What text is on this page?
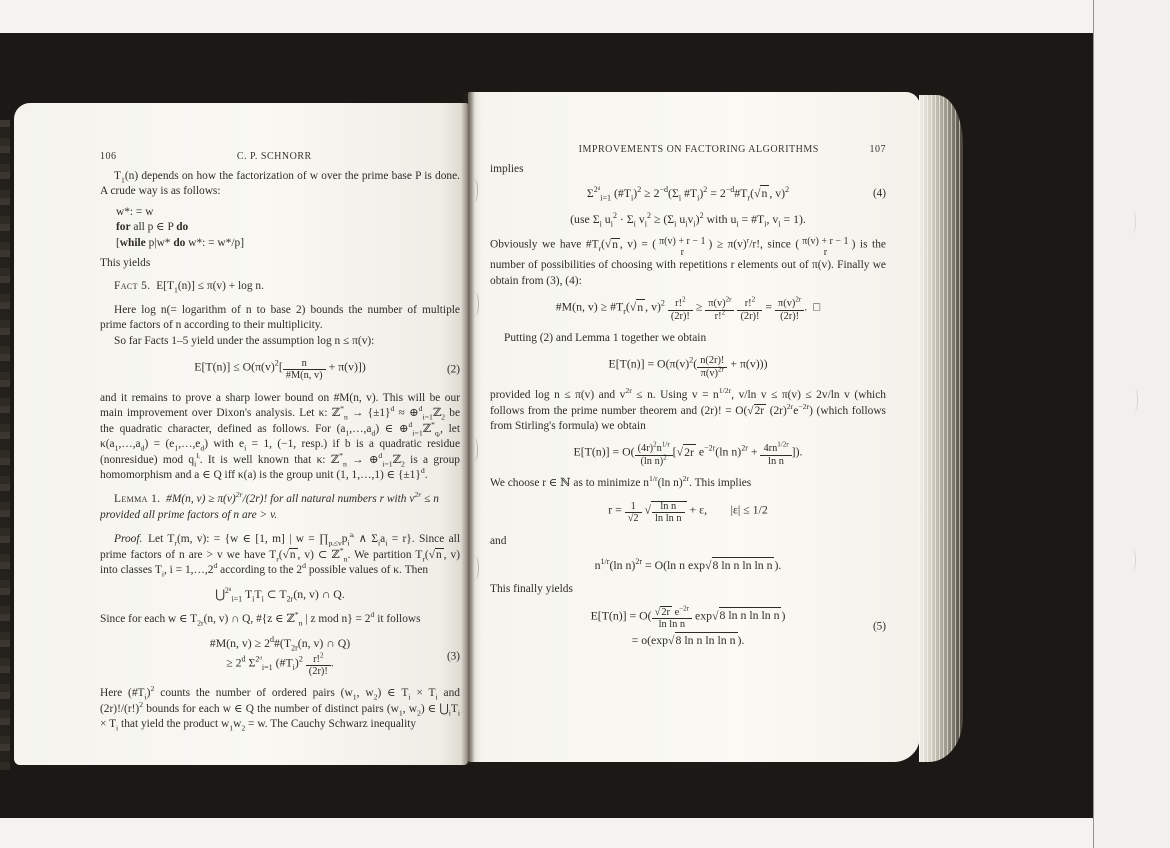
106	C. P. SCHNORR
$T_1(n)$ depends on how the factorization of w over the prime base P is done. A crude way is as follows:
w*: = w
for all p ∈ P do
[while p|w* do w*: = w*/p]
This yields
Fact 5. $E[T_1(n)] \le \pi(v) + \log n$.
Here log n(= logarithm of n to base 2) bounds the number of multiple prime factors of n according to their multiplicity.
So far Facts 1–5 yield under the assumption log n ≤ π(v):
$E[T(n)] \le O(\pi(v)^2[ \frac{n}{\#M(n, v)} + \pi(v)])$	(2)
and it remains to prove a sharp lower bound on #M(n, v). This will be our main improvement over Dixon's analysis. Let κ: ℤ*$_n$ → $\{\pm 1\}^d$ ≈ ⊕$^d_{i=1}$ℤ$_2$ be the quadratic character, defined as follows. For $(a_1,\dots,a_d)$ ∈ ⊕$^d_{i=1}$ℤ*$_{qᵢ}$, let $\kappa(a_1,\dots,a_d)$ = $(e_1,\dots,e_d)$ with $e_i = 1$, (−1, resp.) if b is a quadratic residue (nonresidue) mod $q_i^{lᵢ}$. It is well known that κ: ℤ*$_n$ → ⊕$^d_{i=1}$ℤ$_2$ is a group homomorphism and a ∈ Q iff κ(a) is the group unit (1, 1,…,1) ∈ $\{\pm 1\}^d$.
Lemma 1.  #M(n, $v) \ge \pi(v)^{2r}/(2r)$! for all natural numbers r with $v^{2r} \le n$ provided all prime factors of n are > v.
Proof. Let $T_r(m$, v): = {w ∈ [1, m] | $w = \prod_{pᵢ\le v}p_i^{aᵢ}$ ∧ $\Sigma_ia_i = r$}. Since all prime factors of n are > v we have $T_r(√n$ , v) ⊂ ℤ*$_n$. We partition $T_r(√n$ , v) into classes $T_i$, i = 1,…,2$^d$ according to the 2$^d$ possible values of κ. Then
⋃$^{2ᵈ}_{i=1}$ $T_iT_i$ ⊂ $T_{2r}(n$, v) ∩ Q.
Since for each w ∈ $T_{2r}(n$, v) ∩ Q, #{z ∈ ℤ*$_n$ | z mod $n\} = 2^d$ it follows
#M(n, $v) \ge 2^d\#(T_{2r}(n$, v) ∩ Q)
≥ $2^d$ $\Sigma^{2ᵈ}_{i=1}$ $(\#T_i)^2 \frac{r!^2}{(2r)!}$ .	(3)
Here $(\#T_i)^2$ counts the number of ordered pairs ($w_1$, $w_2$) ∈ $T_i \times T_i$ and $(2r)!/(r!)^2$ bounds for each w ∈ Q the number of distinct pairs ($w_1$, $w_2$) ∈ $⋃_iT_i \times T_i$ that yield the product $w_1w_2 = w$. The Cauchy Schwarz inequality
IMPROVEMENTS ON FACTORING ALGORITHMS	107
implies
$\Sigma^{2ᵈ}_{i=1}$ $(\#T_i)^2 \ge 2^{-d}(\Sigma_i$ $\#T_i)^2$ = $2^{-d}\#T_r(√n$ , v)$^2$	(4)
(use $\Sigma_i$ $u_i^2 \cdot \Sigma_i$ $v_i^2 \ge (\Sigma_i$ $u_iv_i)^2$ with $u_i$ = $\#T_i$, $v_i = 1$).
Obviously we have $\#T_r(√n$ , v) = ( π(v) + r − 1
r
) ≥ $\pi(v)^r/r$!, since ( π(v) + r − 1
r
) is the number of possibilities of choosing with repetitions r elements out of π(v). Finally we obtain from (3), (4):
#M(n, $v) \ge \#T_r(√n$ , $v)^2 \frac{r!^2}{(2r)!} \ge \frac{\pi(v)^{2r}}{r!^2}$
$\frac{r!^2}{(2r)!} = \frac{\pi(v)^{2r}}{(2r)!}$ . □
Putting (2) and Lemma 1 together we obtain
$E[T(n)] = O(\pi(v)^2( \frac{n(2r)!}{\pi(v)^{2r}} + \pi(v)))$
provided log n ≤ π(v) and $v^{2r} \le n$. Using $v = n^{1/2r}$, v/ln v ≤ π(v) ≤ 2v/ln v (which follows from the prime number theorem and (2r)! = O(√2r $(2r)^{2r}e^{-2r}$) (which follows from Stirling's formula) we obtain
$E[T(n)] = O( \frac{(4r)^2n^{1/r}}{(\ln n)^2} [√2r$ $e^{-2r}(\ln$ $n)^{2r} + \frac{4rn^{1/2r}}{\text{ln n}}$ ]).
We choose r ∈ ℕ as to minimize $n^{1/r}(\ln$ n)$^{2r}$. This implies
$r = \frac{1}{√2}$ √ $\frac{\text{ln n}}{\text{ln ln n}} + \varepsilon$,  |ε| ≤ 1/2
and
$n^{1/r}(\ln$ n)$^{2r}$ = O(ln n exp√8 ln n ln ln n ).
This finally yields
$E[T(n)] = O( \frac{√2r e^{-2r}}{\text{ln ln n}} \exp√8$ ln n ln ln n )
= o(exp√8 ln n ln ln n ).
(5)
